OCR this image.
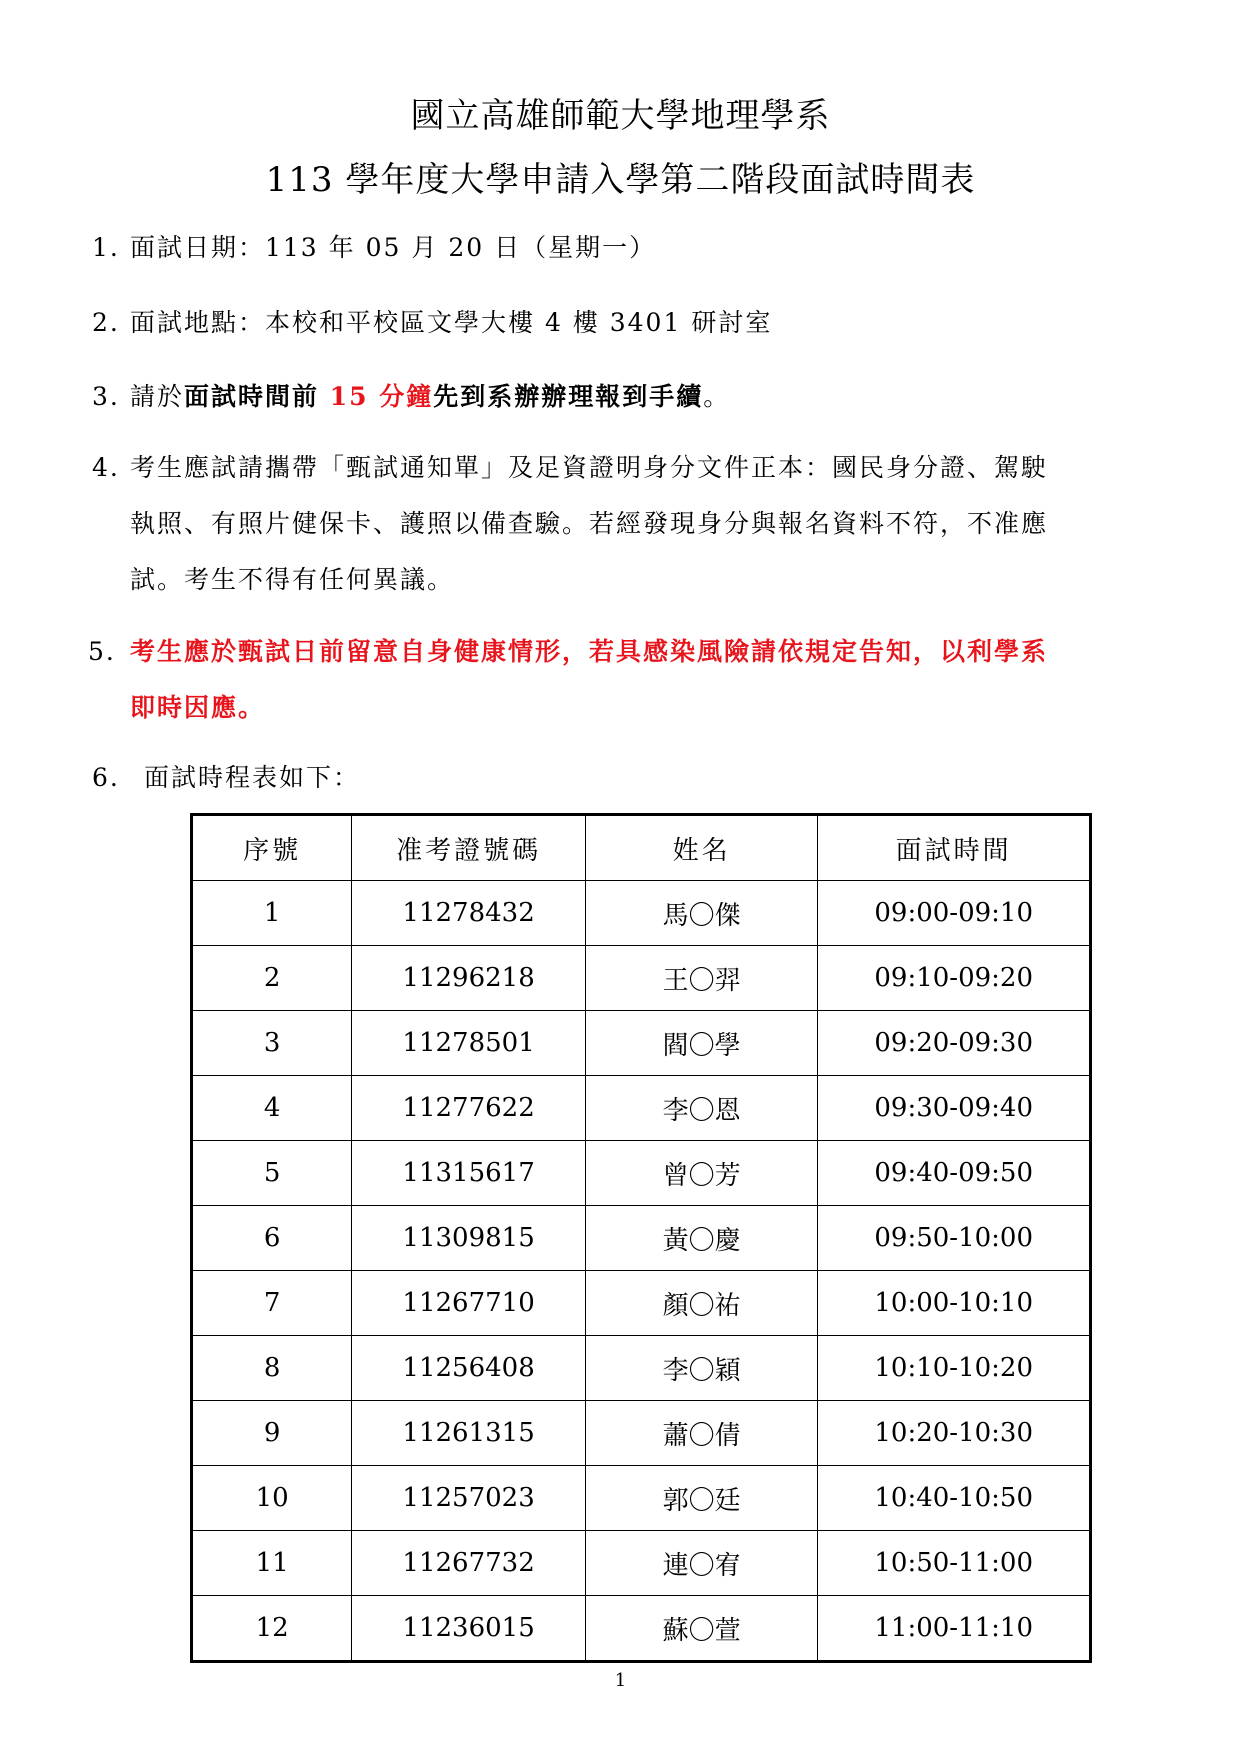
國立高雄師範大學地理學系
113 學年度大學申請入學第二階段面試時間表
1. 面試日期：113 年 05 月 20 日（星期一）
2. 面試地點：本校和平校區文學大樓 4 樓 3401 研討室
3. 請於面試時間前 15 分鐘先到系辦辦理報到手續。
4. 考生應試請攜帶「甄試通知單」及足資證明身分文件正本：國民身分證、駕駛
執照、有照片健保卡、護照以備查驗。若經發現身分與報名資料不符，不准應
試。考生不得有任何異議。
5. 考生應於甄試日前留意自身健康情形，若具感染風險請依規定告知，以利學系
即時因應。
6. 面試時程表如下：
序號	准考證號碼	姓名	面試時間
1	11278432	馬〇傑	09:00-09:10
2	11296218	王〇羿	09:10-09:20
3	11278501	閻〇學	09:20-09:30
4	11277622	李〇恩	09:30-09:40
5	11315617	曾〇芳	09:40-09:50
6	11309815	黃〇慶	09:50-10:00
7	11267710	顏〇祐	10:00-10:10
8	11256408	李〇穎	10:10-10:20
9	11261315	蕭〇倩	10:20-10:30
10	11257023	郭〇廷	10:40-10:50
11	11267732	連〇宥	10:50-11:00
12	11236015	蘇〇萱	11:00-11:10
1
